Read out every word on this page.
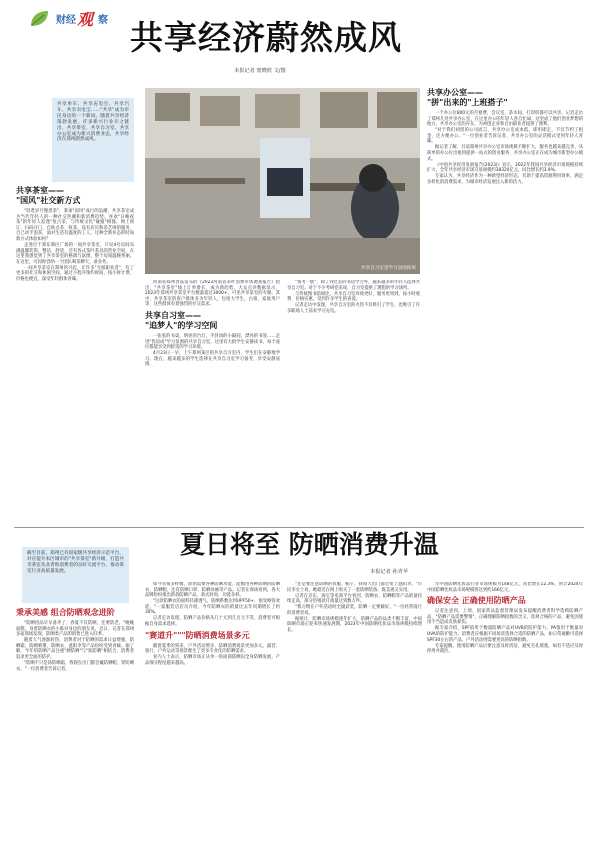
财经 观 察 共享经济蔚然成风
本报记者 窦晓欣 文/图
共享单车、共享充电宝、共享汽车、共享卖电宝……"共享"成为市民身边的一个新词。随着共享经济蓬勃发展，许多新兴行业开之链出，共享茶室、共享自习室、共享办公室成为新兴消费业态，共享经济在郑州蔚然成风。
共享自习室里学习氛围浓厚
共享茶室——
"国风"社交新方式

"轻煮岁月慢煮茶"，秉承"国风"成行的浪潮，共享茶室成为当代年轻人的一种社交热潮和新消费趋势。喜欢"日晚夜茶"的年轻人追逐"复古茶，与传统文化"碰撞"相撞。网上预订、扫码开门、自助点茶、收茶，没有店员和茶艺师的服务，自己动手泡茶，面对生活有温度的工人，这种全新业态的时尚新方式体验如何？

走进位于郑东新区广场的一间共享茶室，只见4号房间布满温馨装饰，整洁、舒适，还有各式茶叶茶具的营业空间，在这里我感觉到了共享茶室的格调与氛围，整个房间温婉秀丽。在这里，可同时容纳一个团队喝茶聊天、谈业务。

一间共享茶室在郑州的兴起，让许多"无纸职业者"，有了更多的社交和休闲空间，通过小程序预约时间，按小时计费，价格也便宜，深受年轻群体青睐。

截至目前，郑州已有国家级共享经济示范平台，对应提升本区城市的"共享茶室"新升级，打造共享茶室从业者和消费者的良好交流平台，推动茶室行业高质量发展。

河南省郑州食品发布的《2023河南省茶叶消费市场调查报告》指出，"共享茶室"线上订单增长，成为新趋势。大众点评数据显示，2023年郑州共享茶室平台数量超过3000+，可见共享茶室的火爆。其中，共享茶室的客户群体多为年轻人，包括大学生、白领、家庭用户等，这些群体有着强烈的社交需求。

共享自习室——
"追梦人"的学习空间

一张张的书桌，明亮的台灯，半封闭的小隔间，漂亮的书签……走进"优谊成"学习氛围的共享自习室，这里有大批学生安静读书，每个座位都能享受到舒适的学习环境。

4月23日一早，上午郑州某区的共享自习室内，学生们在安静地学习。现在，越来越多的学生选择在共享自习室学习备考，享受安静氛围。

"备考一族"、除了到过去的书房学习外，越来越多的年轻人选择共享自习室。对于不少考研党来说，自习室提供了理想的学习场所。

与传统图书馆相比，共享自习室环境更好，服务更周到，按小时收费、价格实惠，受到许多学生的喜爱。

记者走访中发现，共享自习室的火热不仅吸引了学生，也吸引了许多职场人士前来学习充电。

共享办公室——
"拼"出来的"上班搭子"

一个办公位800元的月租费，会议室、茶水间、打印机都可以共享。记者走访了郑州几处共享办公室，在这里办公的年轻人各自忙碌，这里成了他们创业梦想的地方。共享办公室的存在，为初创企业和自由职业者提供了便利。

"对于我们初创的公司而言，共享办公室成本低，即用即走，不仅节约了租金，还方便办公。"一位创业者告诉记者，共享办公室的灵活模式受到年轻人青睐。

据记者了解，目前郑州共享办公室市场规模不断扩大，服务也越来越完善，从简单的办公位出租到提供一站式的创业服务，共享办公室正在成为城市新型办公模式。

《中国共享经济发展报告(2023)》显示，2022年我国共享经济市场规模持续扩大，全年共享经济市场交易规模约38320亿元，同比增长约3.9%。

专家认为，共享经济作为一种新型经济形态，有助于提高资源利用效率，满足多样化的消费需求，为城市经济发展注入新的活力。

夏日将至 防晒消费升温
本报记者 孙青苹
秉承美感 组合防晒观念进阶

"防晒用品早早备齐了，春夏不仅防晒，还要防老。"晚晚面膜，身着防晒衣的小陈对身边的朋友说，近日，记者在郑州多家商场发现，防晒类产品的销售已进入旺季。

随着天气逐渐转热，消费者对于防晒的需求日益增强，防晒霜、防晒喷雾、防晒衣、遮阳伞等产品纷纷受到青睐。据了解，今年的防晒产品注重"硬防晒"与"软防晒"相结合，消费者追求更全面的防护。

"防晒不只是涂防晒霜，我现在出门都会戴防晒帽、穿防晒衣。"一位消费者告诉记者。

如今有很多样衡，原函需要各种防晒功能、能衡用各种防晒的防晒衣、防晒帽，还有防晒口罩、防晒冰袖等产品。记者在商场看到，各大品牌纷纷推出新款防晒产品，款式时尚、功能多样。

"这款防晒衣的面料轻薄透气，防晒系数达到UPF50+，很受顾客欢迎。"一家服装店店员介绍，今年防晒衣的销量比去年同期增长了约30%。

记者走访发现，防晒产品价格从几十元到几百元不等，消费者可根据自身需求选择。

"赛道升"""防晒消费场景多元

随着夏季的到来，户外活动增多，防晒消费场景更加多元。露营、骑行、户外运动等场景催生了更多专业化的防晒需求。

业内人士表示，防晒市场正从单一的面部防晒向全身防晒发展，产品细分程度越来越高。

"还是要注意防晒的衣服、帽子，我每天出门都会带上遮阳伞。"市民李女士说，她最近在网上购买了一套防晒装备，既美观又实用。

记者在京东、淘宝等电商平台看到，防晒衣、防晒帽等产品销量持续走高，部分热销款月销量达到数万件。

"我习惯在户外活动时全副武装，防晒一定要做好。"一位经常骑行的消费者说。

据统计，防晒市场规模逐年扩大，防晒产品的品类不断丰富，中国防晒市场正迎来快速发展期，2023年中国防晒化妆品市场规模持续增长。

年中国防晒化妆品行业市场规模为148亿元，同比增长12.3%，预计2024年中国防晒化妆品市场规模将达到约166亿元。

确保安全 正确使用防晒产品

记者注意到，上周，国家药品监督管理局发布提醒消费者科学选购防晒产品，"防晒产品需要警惕"，正确理解防晒指数的含义，选择合格的产品，避免因使用不当造成皮肤损伤。

据专家介绍，SPF值用于衡量防晒产品对UVB的防护能力，PA值用于衡量对UVA的防护能力。消费者应根据不同场景选择合适的防晒产品，如日常通勤可选择SPF30左右的产品，户外活动则需要更高的防晒指数。

专家提醒，使用防晒产品后要注意及时清洁，避免毛孔堵塞，如有不适应及时停用并就医。
